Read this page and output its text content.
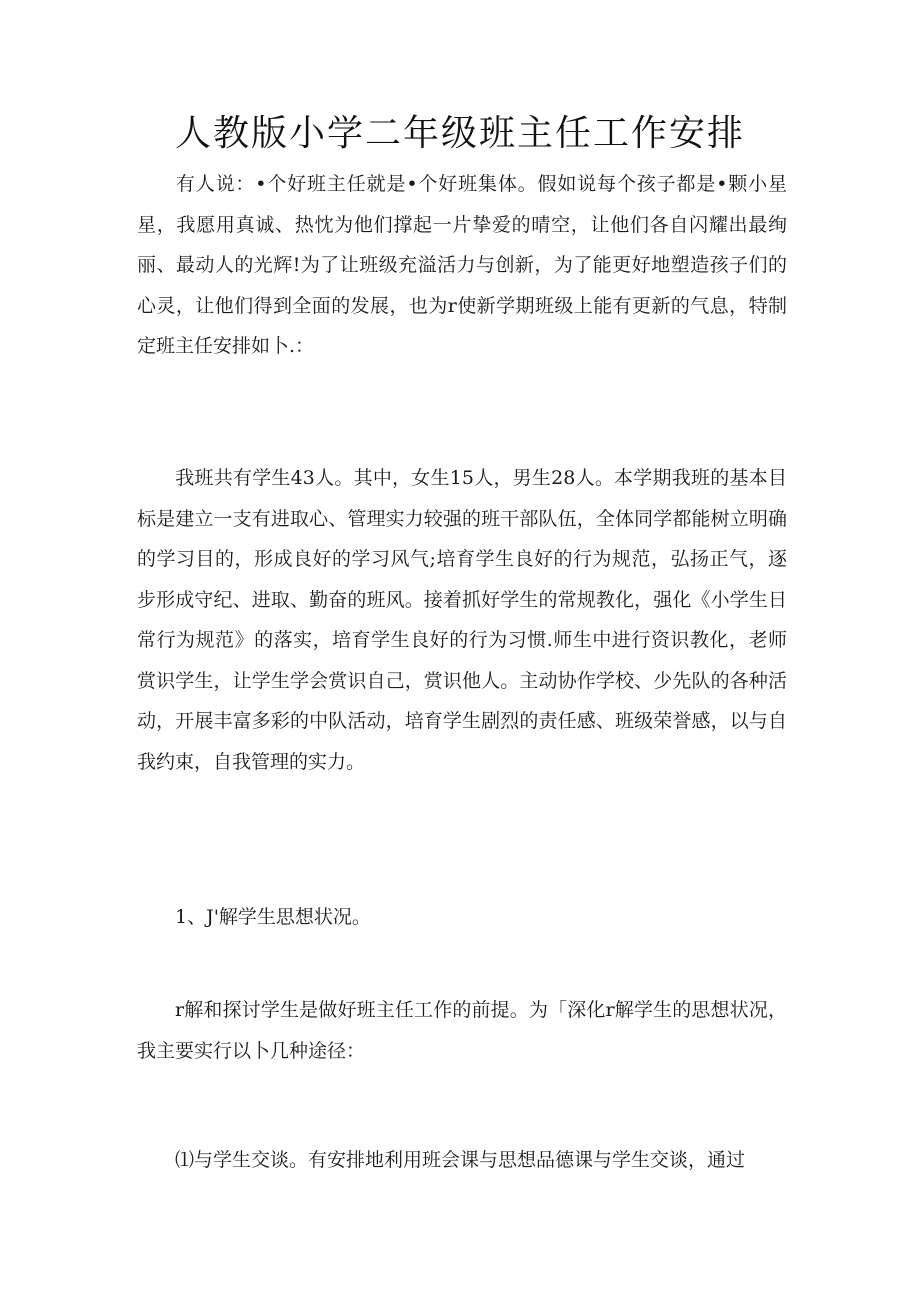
人教版小学二年级班主任工作安排

有人说：•个好班主任就是•个好班集体。假如说每个孩子都是•颗小星星，我愿用真诚、热忱为他们撑起一片挚爱的晴空，让他们各自闪耀出最绚丽、最动人的光辉!为了让班级充溢活力与创新，为了能更好地塑造孩子们的心灵，让他们得到全面的发展，也为r使新学期班级上能有更新的气息，特制定班主任安排如卜.：

我班共有学生43人。其中，女生15人，男生28人。本学期我班的基本目标是建立一支有进取心、管理实力较强的班干部队伍，全体同学都能树立明确的学习目的，形成良好的学习风气;培育学生良好的行为规范，弘扬正气，逐步形成守纪、进取、勤奋的班风。接着抓好学生的常规教化，强化《小学生日常行为规范》的落实，培育学生良好的行为习惯.师生中进行资识教化，老师赏识学生，让学生学会赏识自己，赏识他人。主动协作学校、少先队的各种活动，开展丰富多彩的中队活动，培育学生剧烈的责任感、班级荣誉感，以与自我约束，自我管理的实力。

1、J'解学生思想状况。

r解和探讨学生是做好班主任工作的前提。为「深化r解学生的思想状况，我主要实行以卜几种途径：

⑴与学生交谈。有安排地利用班会课与思想品德课与学生交谈，通过
